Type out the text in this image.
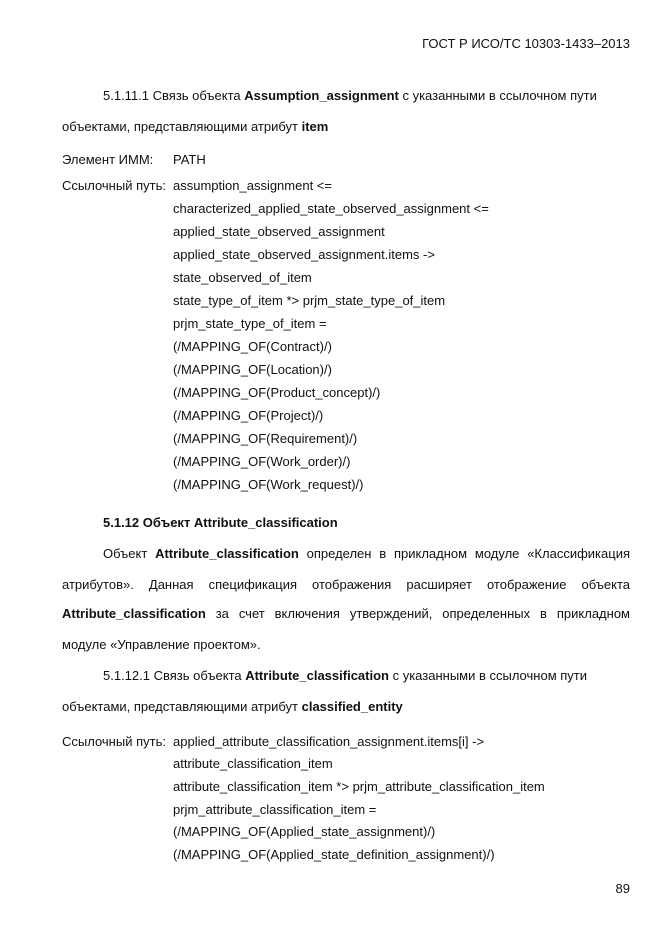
ГОСТ Р ИСО/ТС 10303-1433–2013
5.1.11.1 Связь объекта Assumption_assignment с указанными в ссылочном пути
объектами, представляющими атрибут item
Элемент ИММ: PATH
Ссылочный путь: assumption_assignment <=
characterized_applied_state_observed_assignment <=
applied_state_observed_assignment
applied_state_observed_assignment.items ->
state_observed_of_item
state_type_of_item *> prjm_state_type_of_item
prjm_state_type_of_item =
(/MAPPING_OF(Contract)/)
(/MAPPING_OF(Location)/)
(/MAPPING_OF(Product_concept)/)
(/MAPPING_OF(Project)/)
(/MAPPING_OF(Requirement)/)
(/MAPPING_OF(Work_order)/)
(/MAPPING_OF(Work_request)/)
5.1.12 Объект Attribute_classification
Объект Attribute_classification определен в прикладном модуле «Классификация
атрибутов». Данная спецификация отображения расширяет отображение объекта
Attribute_classification за счет включения утверждений, определенных в прикладном
модуле «Управление проектом».
5.1.12.1 Связь объекта Attribute_classification с указанными в ссылочном пути
объектами, представляющими атрибут classified_entity
Ссылочный путь: applied_attribute_classification_assignment.items[i] ->
attribute_classification_item
attribute_classification_item *> prjm_attribute_classification_item
prjm_attribute_classification_item =
(/MAPPING_OF(Applied_state_assignment)/)
(/MAPPING_OF(Applied_state_definition_assignment)/)
89
